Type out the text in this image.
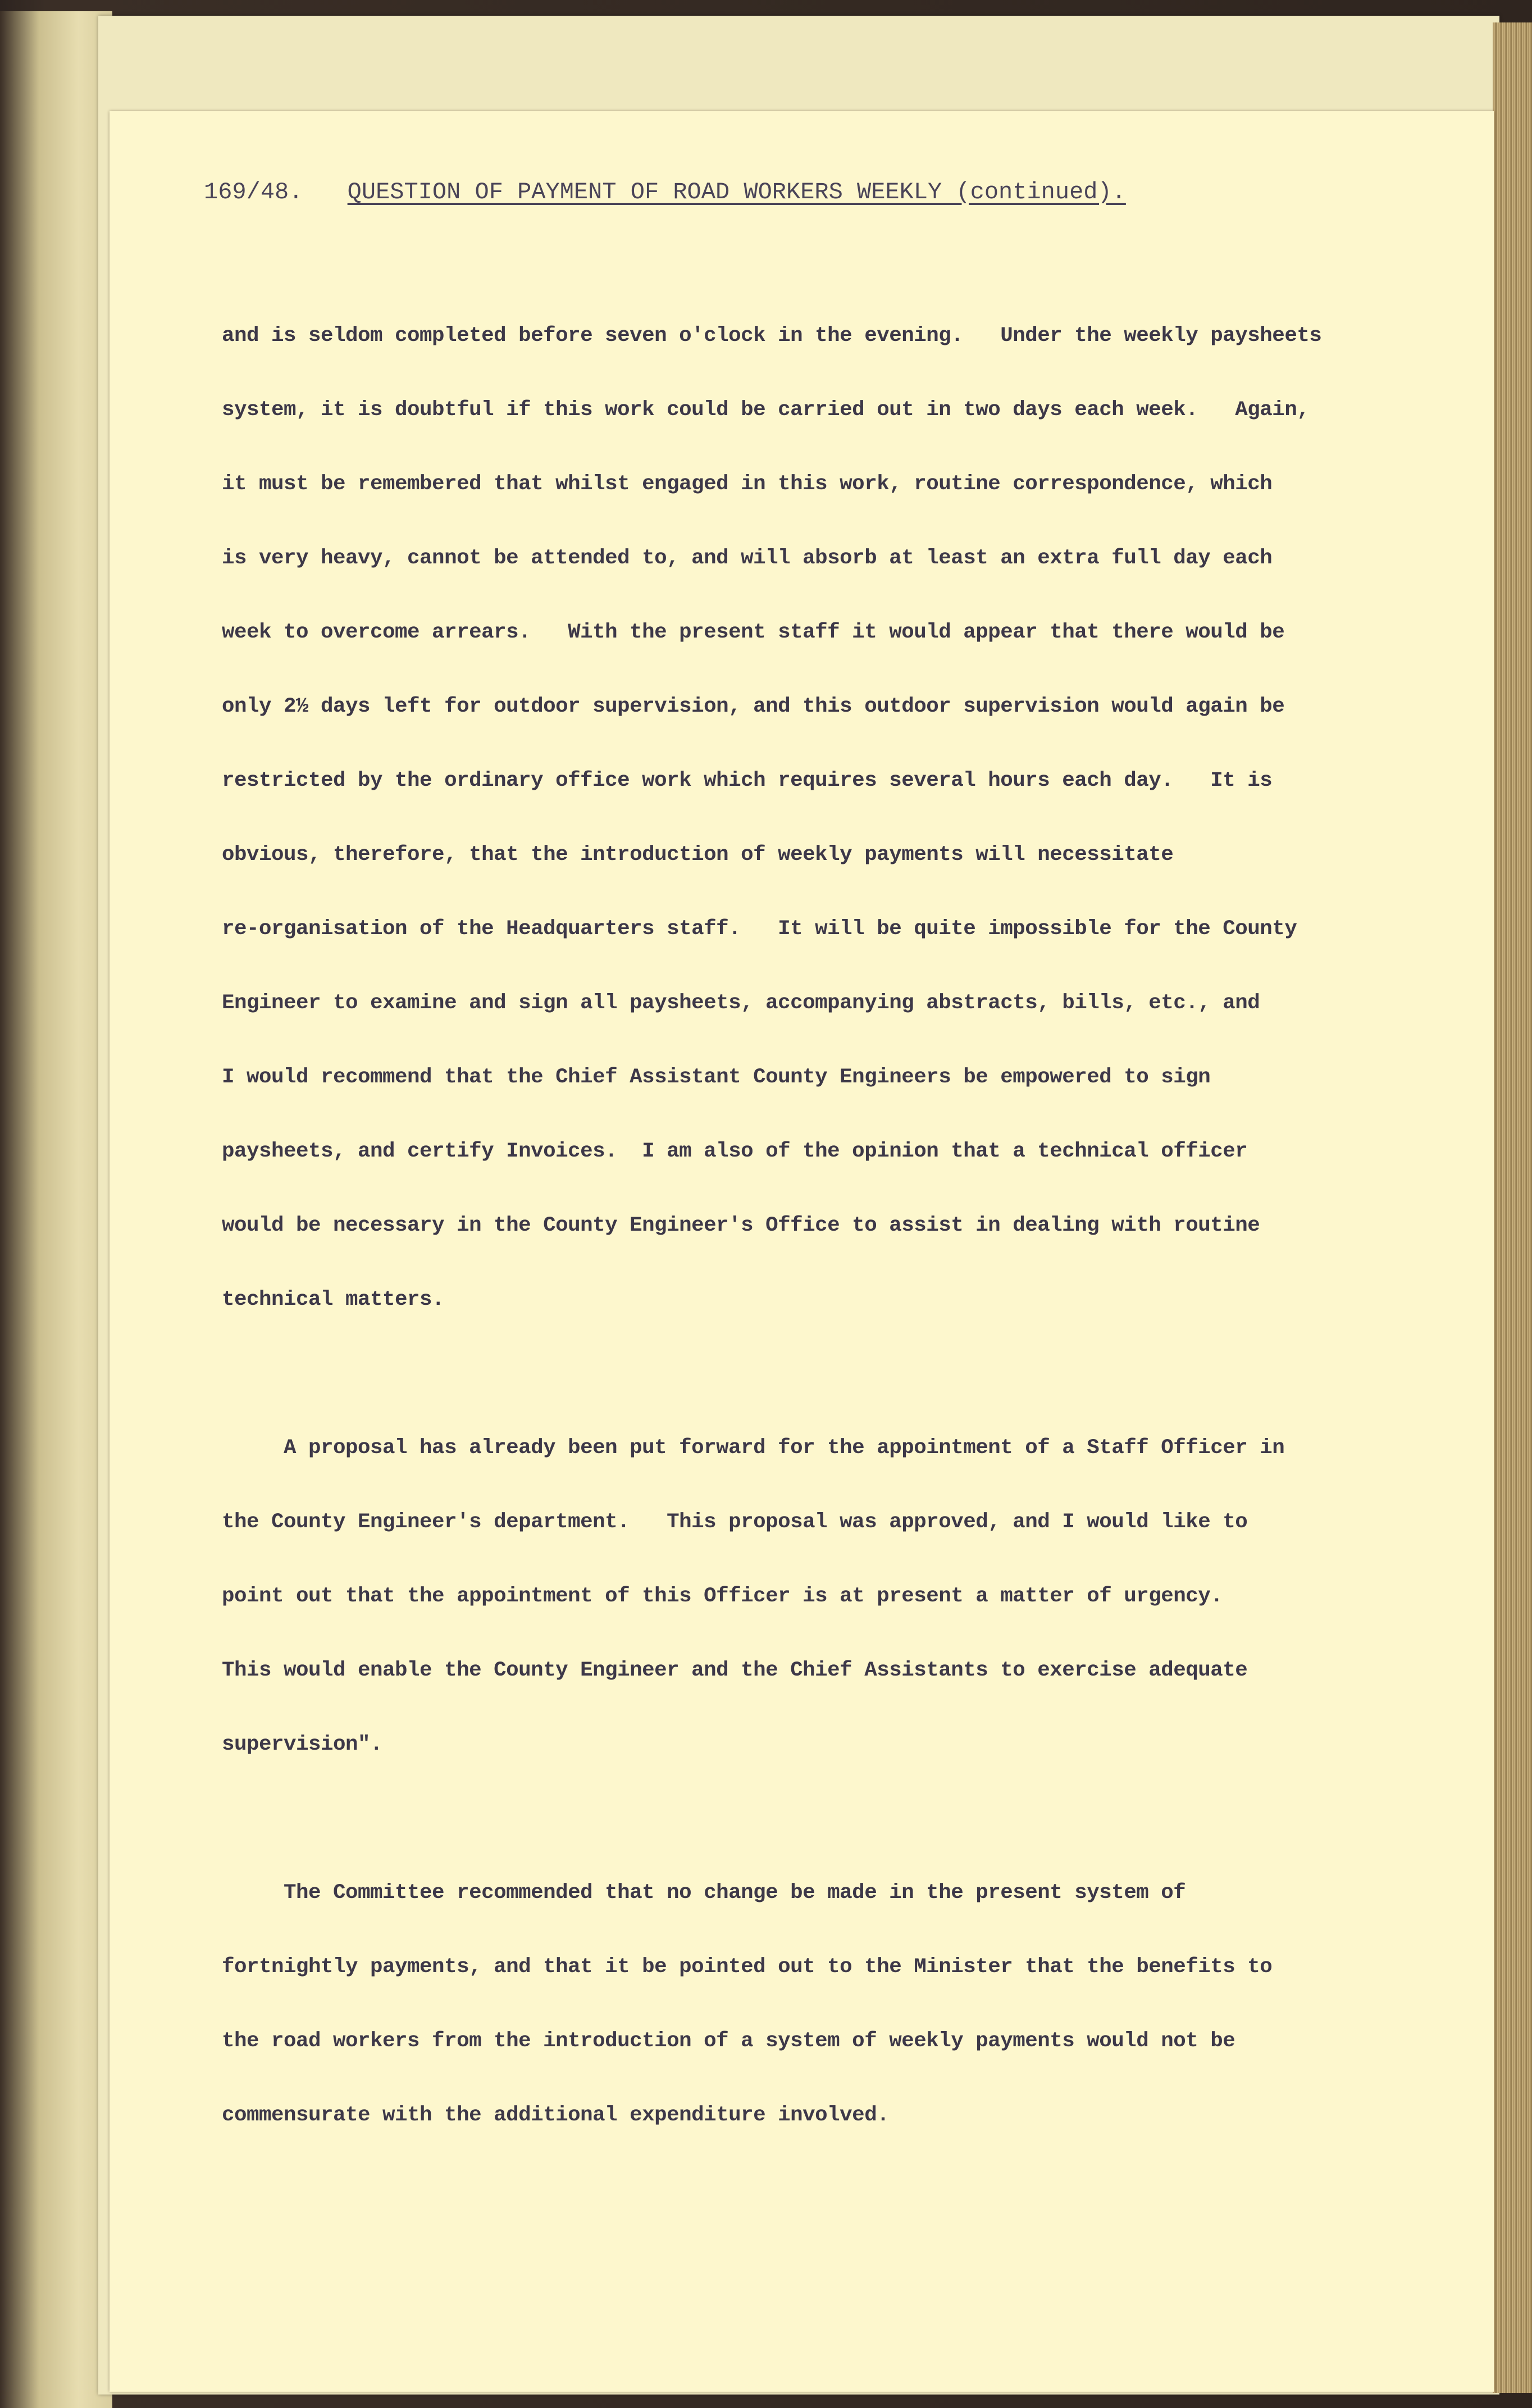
169/48. QUESTION OF PAYMENT OF ROAD WORKERS WEEKLY (continued).

and is seldom completed before seven o'clock in the evening.   Under the weekly paysheets

system, it is doubtful if this work could be carried out in two days each week.   Again,

it must be remembered that whilst engaged in this work, routine correspondence, which

is very heavy, cannot be attended to, and will absorb at least an extra full day each

week to overcome arrears.   With the present staff it would appear that there would be

only 2½ days left for outdoor supervision, and this outdoor supervision would again be

restricted by the ordinary office work which requires several hours each day.   It is

obvious, therefore, that the introduction of weekly payments will necessitate

re-organisation of the Headquarters staff.   It will be quite impossible for the County

Engineer to examine and sign all paysheets, accompanying abstracts, bills, etc., and

I would recommend that the Chief Assistant County Engineers be empowered to sign

paysheets, and certify Invoices.  I am also of the opinion that a technical officer

would be necessary in the County Engineer's Office to assist in dealing with routine

technical matters.

A proposal has already been put forward for the appointment of a Staff Officer in

the County Engineer's department.   This proposal was approved, and I would like to

point out that the appointment of this Officer is at present a matter of urgency.

This would enable the County Engineer and the Chief Assistants to exercise adequate

supervision".

The Committee recommended that no change be made in the present system of

fortnightly payments, and that it be pointed out to the Minister that the benefits to

the road workers from the introduction of a system of weekly payments would not be

commensurate with the additional expenditure involved.
